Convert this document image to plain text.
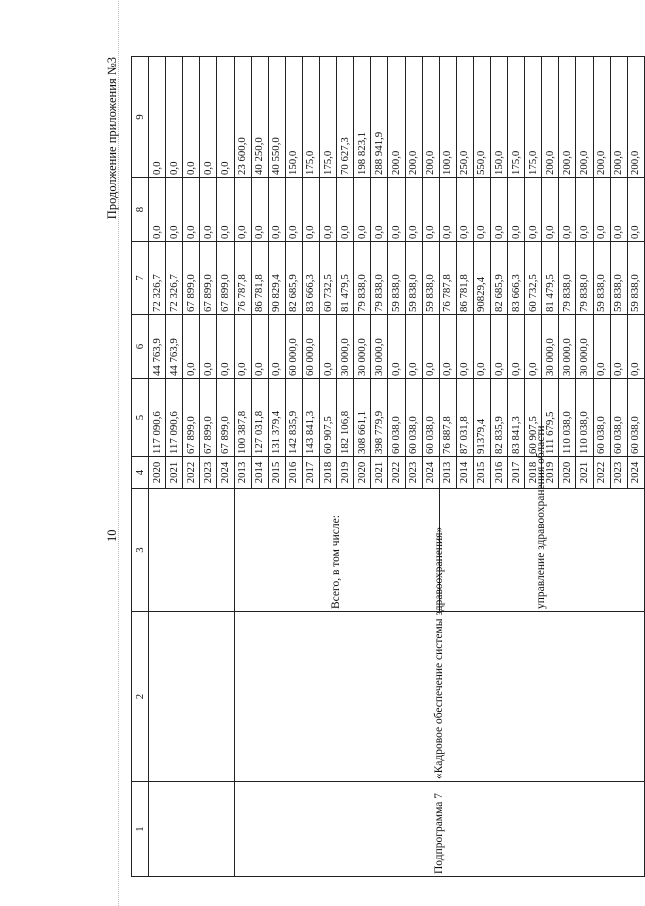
10
Продолжение приложения №3
1	2	3	4	5	6	7	8	9
			2020	117 090,6	44 763,9	72 326,7	0,0	0,0
			2021	117 090,6	44 763,9	72 326,7	0,0	0,0
			2022	67 899,0	0,0	67 899,0	0,0	0,0
			2023	67 899,0	0,0	67 899,0	0,0	0,0
			2024	67 899,0	0,0	67 899,0	0,0	0,0
Подпрограмма 7	«Кадровое обеспечение системы здравоохранения»	Всего, в том числе:	2013	100 387,8	0,0	76 787,8	0,0	23 600,0
			2014	127 031,8	0,0	86 781,8	0,0	40 250,0
			2015	131 379,4	0,0	90 829,4	0,0	40 550,0
			2016	142 835,9	60 000,0	82 685,9	0,0	150,0
			2017	143 841,3	60 000,0	83 666,3	0,0	175,0
			2018	60 907,5	0,0	60 732,5	0,0	175,0
			2019	182 106,8	30 000,0	81 479,5	0,0	70 627,3
			2020	308 661,1	30 000,0	79 838,0	0,0	198 823,1
			2021	398 779,9	30 000,0	79 838,0	0,0	288 941,9
			2022	60 038,0	0,0	59 838,0	0,0	200,0
			2023	60 038,0	0,0	59 838,0	0,0	200,0
			2024	60 038,0	0,0	59 838,0	0,0	200,0
		управление здравоохранения области	2013	76 887,8	0,0	76 787,8	0,0	100,0
			2014	87 031,8	0,0	86 781,8	0,0	250,0
			2015	91379,4	0,0	90829,4	0,0	550,0
			2016	82 835,9	0,0	82 685,9	0,0	150,0
			2017	83 841,3	0,0	83 666,3	0,0	175,0
			2018	60 907,5	0,0	60 732,5	0,0	175,0
			2019	111 679,5	30 000,0	81 479,5	0,0	200,0
			2020	110 038,0	30 000,0	79 838,0	0,0	200,0
			2021	110 038,0	30 000,0	79 838,0	0,0	200,0
			2022	60 038,0	0,0	59 838,0	0,0	200,0
			2023	60 038,0	0,0	59 838,0	0,0	200,0
			2024	60 038,0	0,0	59 838,0	0,0	200,0
